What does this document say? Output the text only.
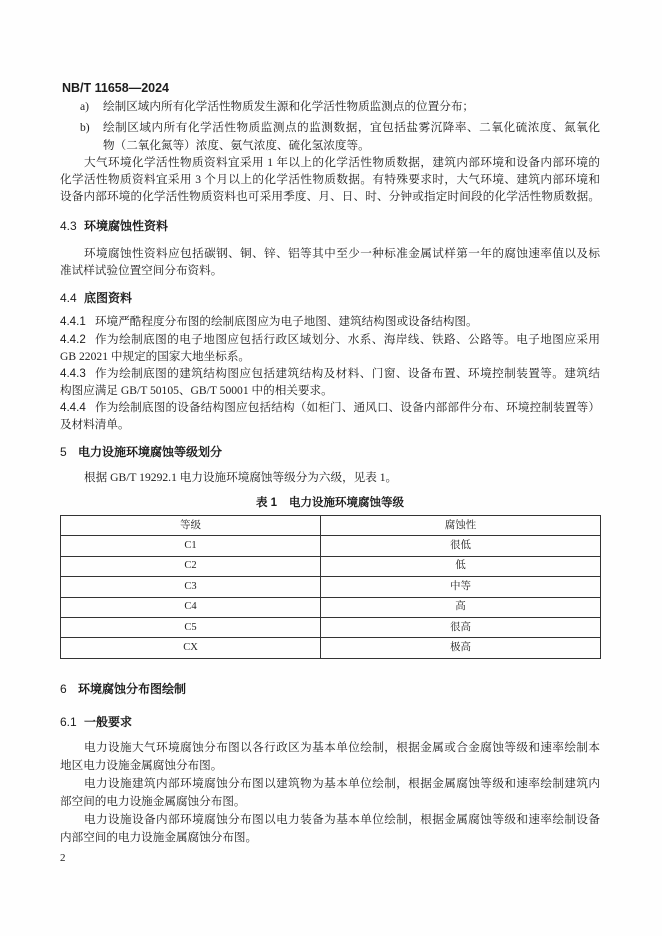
NB/T 11658—2024
a) 绘制区域内所有化学活性物质发生源和化学活性物质监测点的位置分布；
b) 绘制区域内所有化学活性物质监测点的监测数据，宜包括盐雾沉降率、二氧化硫浓度、氮氧化
物（二氧化氮等）浓度、氨气浓度、硫化氢浓度等。
大气环境化学活性物质资料宜采用 1 年以上的化学活性物质数据，建筑内部环境和设备内部环境的
化学活性物质资料宜采用 3 个月以上的化学活性物质数据。有特殊要求时，大气环境、建筑内部环境和
设备内部环境的化学活性物质资料也可采用季度、月、日、时、分钟或指定时间段的化学活性物质数据。
4.3 环境腐蚀性资料
环境腐蚀性资料应包括碳钢、铜、锌、铝等其中至少一种标准金属试样第一年的腐蚀速率值以及标
准试样试验位置空间分布资料。
4.4 底图资料
4.4.1 环境严酷程度分布图的绘制底图应为电子地图、建筑结构图或设备结构图。
4.4.2 作为绘制底图的电子地图应包括行政区域划分、水系、海岸线、铁路、公路等。电子地图应采用
GB 22021 中规定的国家大地坐标系。
4.4.3 作为绘制底图的建筑结构图应包括建筑结构及材料、门窗、设备布置、环境控制装置等。建筑结
构图应满足 GB/T 50105、GB/T 50001 中的相关要求。
4.4.4 作为绘制底图的设备结构图应包括结构（如柜门、通风口、设备内部部件分布、环境控制装置等）
及材料清单。
5 电力设施环境腐蚀等级划分
根据 GB/T 19292.1 电力设施环境腐蚀等级分为六级，见表 1。
表 1 电力设施环境腐蚀等级
等级	腐蚀性
C1	很低
C2	低
C3	中等
C4	高
C5	很高
CX	极高
6 环境腐蚀分布图绘制
6.1 一般要求
电力设施大气环境腐蚀分布图以各行政区为基本单位绘制，根据金属或合金腐蚀等级和速率绘制本
地区电力设施金属腐蚀分布图。
电力设施建筑内部环境腐蚀分布图以建筑物为基本单位绘制，根据金属腐蚀等级和速率绘制建筑内
部空间的电力设施金属腐蚀分布图。
电力设施设备内部环境腐蚀分布图以电力装备为基本单位绘制，根据金属腐蚀等级和速率绘制设备
内部空间的电力设施金属腐蚀分布图。
2
